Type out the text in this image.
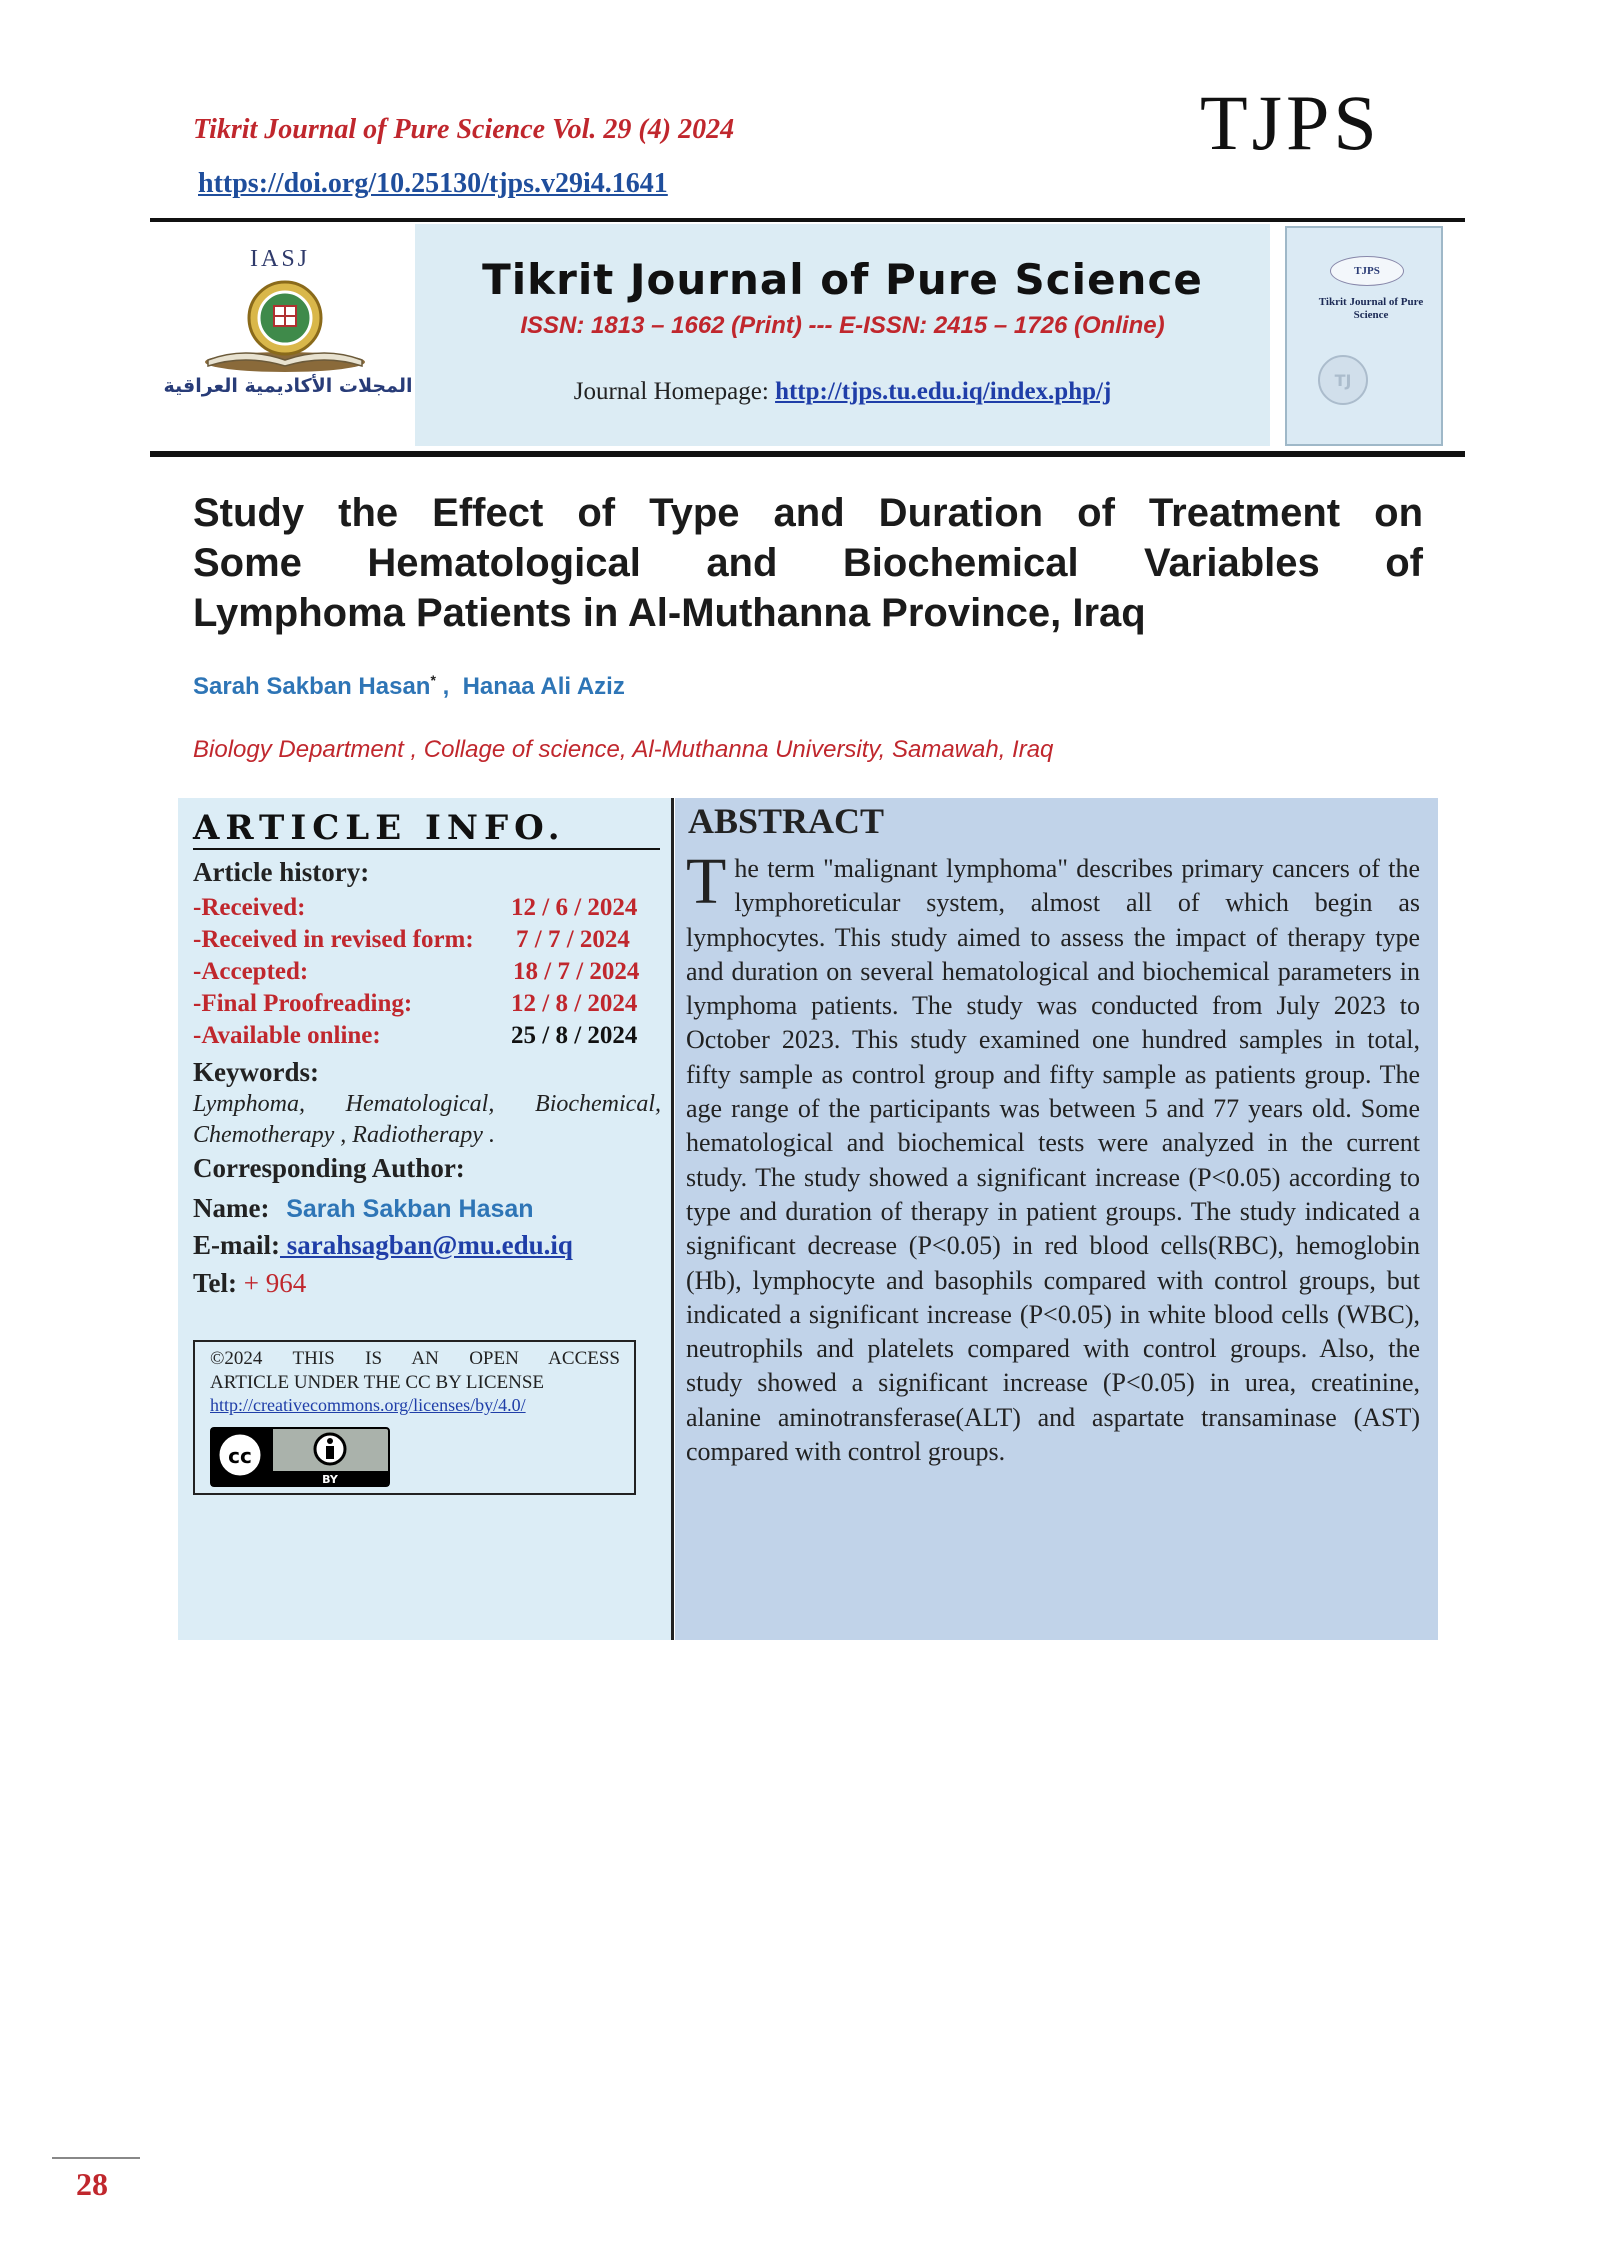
Tikrit Journal of Pure Science Vol. 29 (4) 2024
https://doi.org/10.25130/tjps.v29i4.1641
TJPS
IASJ
المجلات الأكاديمية العراقية
Tikrit Journal of Pure Science
ISSN: 1813 – 1662 (Print) --- E-ISSN: 2415 – 1726 (Online)
Journal Homepage: http://tjps.tu.edu.iq/index.php/j
TJPS
Tikrit Journal of Pure Science
TJ
Study the Effect of Type and Duration of Treatment on
Some Hematological and Biochemical Variables of
Lymphoma Patients in Al-Muthanna Province, Iraq
Sarah Sakban Hasan* , Hanaa Ali Aziz
Biology Department , Collage of science, Al-Muthanna University, Samawah, Iraq
ARTICLE INFO.
Article history:
-Received:	12 / 6 / 2024
-Received in revised form: 7 / 7 / 2024
-Accepted:	18 / 7 / 2024
-Final Proofreading:	12 / 8 / 2024
-Available online:	25 / 8 / 2024
Keywords:
Lymphoma, Hematological, Biochemical, Chemotherapy , Radiotherapy .
Corresponding Author:
Name: Sarah Sakban Hasan
E-mail: sarahsagban@mu.edu.iq
Tel: + 964
©2024 THIS IS AN OPEN ACCESS
ARTICLE UNDER THE CC BY LICENSE
http://creativecommons.org/licenses/by/4.0/
cc
BY
ABSTRACT
The term "malignant lymphoma" describes primary cancers of the lymphoreticular system, almost all of which begin as lymphocytes. This study aimed to assess the impact of therapy type and duration on several hematological and biochemical parameters in lymphoma patients. The study was conducted from July 2023 to October 2023. This study examined one hundred samples in total, fifty sample as control group and fifty sample as patients group. The age range of the participants was between 5 and 77 years old. Some hematological and biochemical tests were analyzed in the current study. The study showed a significant increase (P<0.05) according to type and duration of therapy in patient groups. The study indicated a significant decrease (P<0.05) in red blood cells(RBC), hemoglobin (Hb), lymphocyte and basophils compared with control groups, but indicated a significant increase (P<0.05) in white blood cells (WBC), neutrophils and platelets compared with control groups. Also, the study showed a significant increase (P<0.05) in urea, creatinine, alanine aminotransferase(ALT) and aspartate transaminase (AST) compared with control groups.
28
